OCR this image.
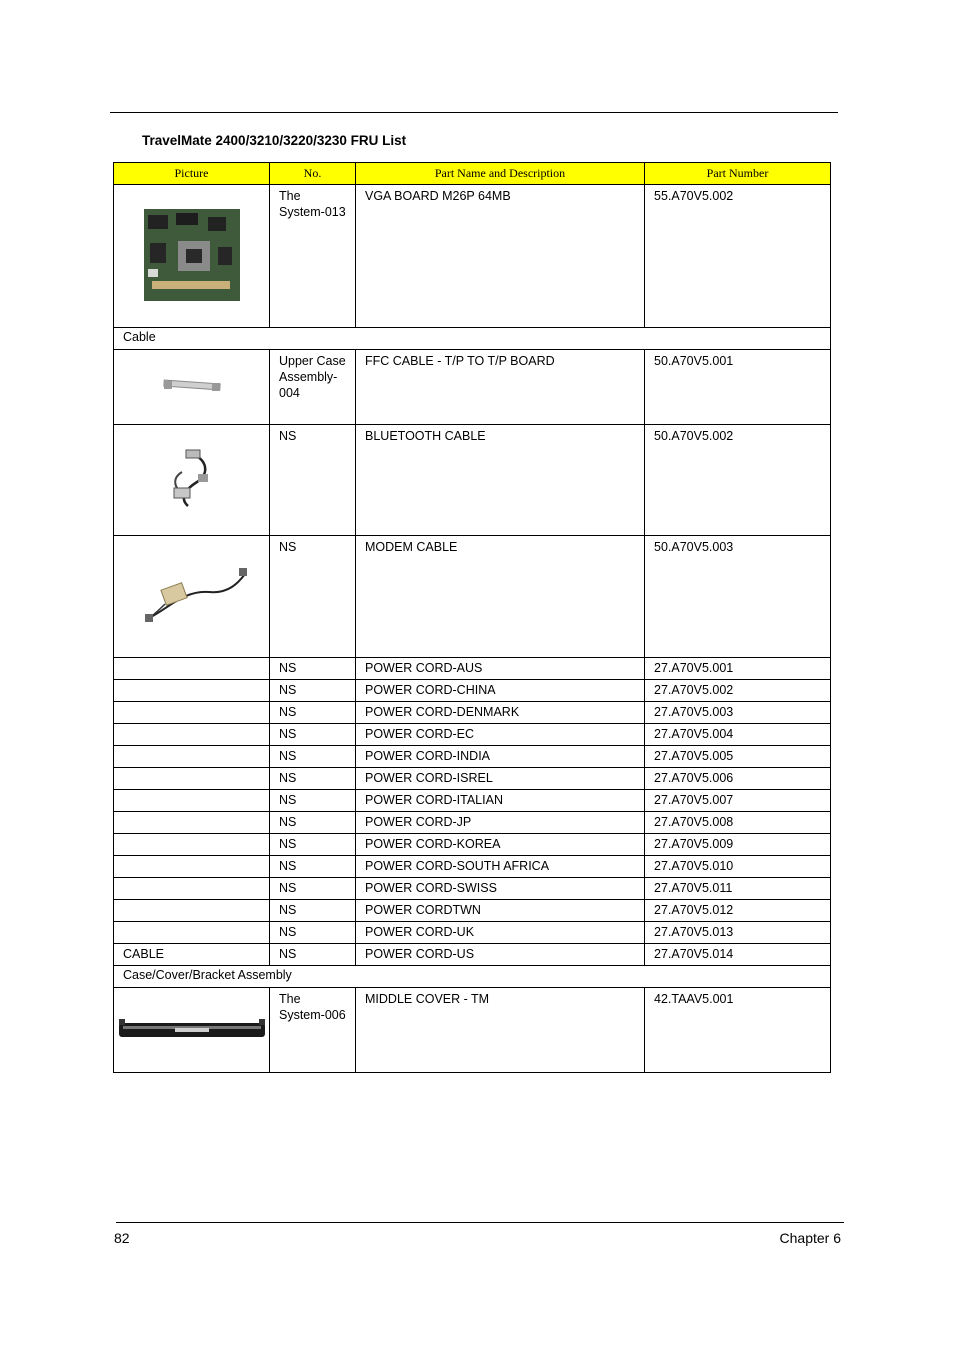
TravelMate 2400/3210/3220/3230 FRU List
Picture	No.	Part Name and Description	Part Number
	The System-013	VGA BOARD M26P 64MB	55.A70V5.002
Cable			
	Upper Case Assembly-004	FFC CABLE - T/P TO T/P BOARD	50.A70V5.001
	NS	BLUETOOTH CABLE	50.A70V5.002
	NS	MODEM CABLE	50.A70V5.003
	NS	POWER CORD-AUS	27.A70V5.001
	NS	POWER CORD-CHINA	27.A70V5.002
	NS	POWER CORD-DENMARK	27.A70V5.003
	NS	POWER CORD-EC	27.A70V5.004
	NS	POWER CORD-INDIA	27.A70V5.005
	NS	POWER CORD-ISREL	27.A70V5.006
	NS	POWER CORD-ITALIAN	27.A70V5.007
	NS	POWER CORD-JP	27.A70V5.008
	NS	POWER CORD-KOREA	27.A70V5.009
	NS	POWER CORD-SOUTH AFRICA	27.A70V5.010
	NS	POWER CORD-SWISS	27.A70V5.011
	NS	POWER CORDTWN	27.A70V5.012
	NS	POWER CORD-UK	27.A70V5.013
CABLE	NS	POWER CORD-US	27.A70V5.014
Case/Cover/Bracket Assembly			
	The System-006	MIDDLE COVER - TM	42.TAAV5.001
82	Chapter 6
